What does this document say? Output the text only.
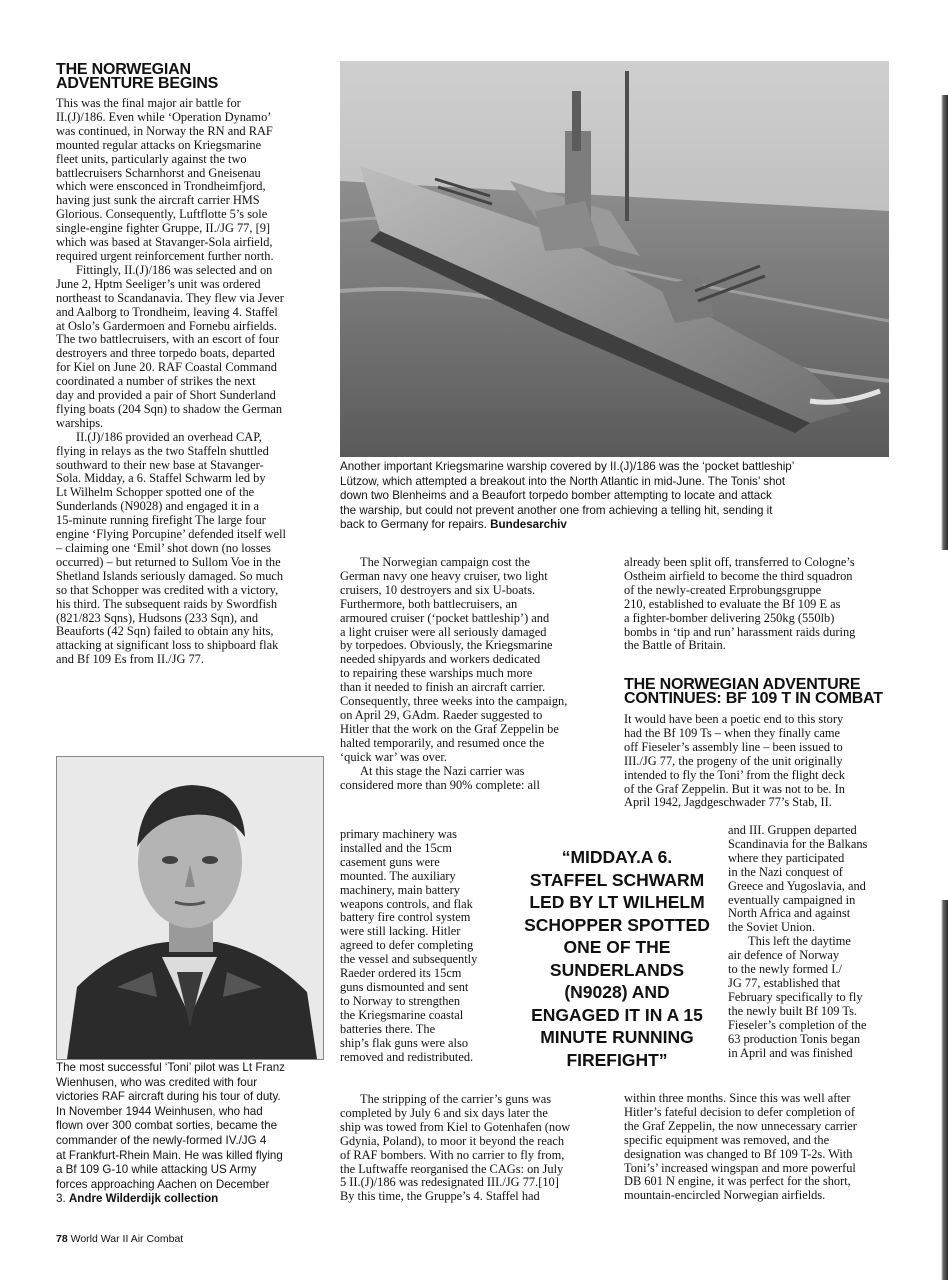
THE NORWEGIAN
ADVENTURE BEGINS

This was the final major air battle for

II.(J)/186. Even while ‘Operation Dynamo’

was continued, in Norway the RN and RAF

mounted regular attacks on Kriegsmarine

fleet units, particularly against the two

battlecruisers Scharnhorst and Gneisenau

which were ensconced in Trondheimfjord,

having just sunk the aircraft carrier HMS

Glorious. Consequently, Luftflotte 5’s sole

single-engine fighter Gruppe, II./JG 77, [9]

which was based at Stavanger-Sola airfield,

required urgent reinforcement further north.

Fittingly, II.(J)/186 was selected and on

June 2, Hptm Seeliger’s unit was ordered

northeast to Scandanavia. They flew via Jever

and Aalborg to Trondheim, leaving 4. Staffel

at Oslo’s Gardermoen and Fornebu airfields.

The two battlecruisers, with an escort of four

destroyers and three torpedo boats, departed

for Kiel on June 20. RAF Coastal Command

coordinated a number of strikes the next

day and provided a pair of Short Sunderland

flying boats (204 Sqn) to shadow the German

warships.

II.(J)/186 provided an overhead CAP,

flying in relays as the two Staffeln shuttled

southward to their new base at Stavanger-

Sola. Midday, a 6. Staffel Schwarm led by

Lt Wilhelm Schopper spotted one of the

Sunderlands (N9028) and engaged it in a

15-minute running firefight The large four

engine ‘Flying Porcupine’ defended itself well

– claiming one ‘Emil’ shot down (no losses

occurred) – but returned to Sullom Voe in the

Shetland Islands seriously damaged. So much

so that Schopper was credited with a victory,

his third. The subsequent raids by Swordfish

(821/823 Sqns), Hudsons (233 Sqn), and

Beauforts (42 Sqn) failed to obtain any hits,

attacking at significant loss to shipboard flak

and Bf 109 Es from II./JG 77.

Another important Kriegsmarine warship covered by II.(J)/186 was the ‘pocket battleship’
Lützow, which attempted a breakout into the North Atlantic in mid-June. The Tonis’ shot
down two Blenheims and a Beaufort torpedo bomber attempting to locate and attack
the warship, but could not prevent another one from achieving a telling hit, sending it
back to Germany for repairs. Bundesarchiv
The most successful ‘Toni’ pilot was Lt Franz
Wienhusen, who was credited with four
victories RAF aircraft during his tour of duty.
In November 1944 Weinhusen, who had
flown over 300 combat sorties, became the
commander of the newly-formed IV./JG 4
at Frankfurt-Rhein Main. He was killed flying
a Bf 109 G-10 while attacking US Army
forces approaching Aachen on December
3. Andre Wilderdijk collection

The Norwegian campaign cost the

German navy one heavy cruiser, two light

cruisers, 10 destroyers and six U-boats.

Furthermore, both battlecruisers, an

armoured cruiser (‘pocket battleship’) and

a light cruiser were all seriously damaged

by torpedoes. Obviously, the Kriegsmarine

needed shipyards and workers dedicated

to repairing these warships much more

than it needed to finish an aircraft carrier.

Consequently, three weeks into the campaign,

on April 29, GAdm. Raeder suggested to

Hitler that the work on the Graf Zeppelin be

halted temporarily, and resumed once the

‘quick war’ was over.

At this stage the Nazi carrier was

considered more than 90% complete: all

primary machinery was

installed and the 15cm

casement guns were

mounted. The auxiliary

machinery, main battery

weapons controls, and flak

battery fire control system

were still lacking. Hitler

agreed to defer completing

the vessel and subsequently

Raeder ordered its 15cm

guns dismounted and sent

to Norway to strengthen

the Kriegsmarine coastal

batteries there. The

ship’s flak guns were also

removed and redistributed.

The stripping of the carrier’s guns was

completed by July 6 and six days later the

ship was towed from Kiel to Gotenhafen (now

Gdynia, Poland), to moor it beyond the reach

of RAF bombers. With no carrier to fly from,

the Luftwaffe reorganised the CAGs: on July

5 II.(J)/186 was redesignated III./JG 77.[10]

By this time, the Gruppe’s 4. Staffel had

“MIDDAY.A 6.
STAFFEL SCHWARM
LED BY LT WILHELM
SCHOPPER SPOTTED
ONE OF THE
SUNDERLANDS
(N9028) AND
ENGAGED IT IN A 15
MINUTE RUNNING
FIREFIGHT”

already been split off, transferred to Cologne’s

Ostheim airfield to become the third squadron

of the newly-created Erprobungsgruppe

210, established to evaluate the Bf 109 E as

a fighter-bomber delivering 250kg (550lb)

bombs in ‘tip and run’ harassment raids during

the Battle of Britain.

THE NORWEGIAN ADVENTURE
CONTINUES: BF 109 T IN COMBAT

It would have been a poetic end to this story

had the Bf 109 Ts – when they finally came

off Fieseler’s assembly line – been issued to

III./JG 77, the progeny of the unit originally

intended to fly the Toni’ from the flight deck

of the Graf Zeppelin. But it was not to be. In

April 1942, Jagdgeschwader 77’s Stab, II.

and III. Gruppen departed

Scandinavia for the Balkans

where they participated

in the Nazi conquest of

Greece and Yugoslavia, and

eventually campaigned in

North Africa and against

the Soviet Union.

This left the daytime

air defence of Norway

to the newly formed I./

JG 77, established that

February specifically to fly

the newly built Bf 109 Ts.

Fieseler’s completion of the

63 production Tonis began

in April and was finished

within three months. Since this was well after

Hitler’s fateful decision to defer completion of

the Graf Zeppelin, the now unnecessary carrier

specific equipment was removed, and the

designation was changed to Bf 109 T-2s. With

Toni’s’ increased wingspan and more powerful

DB 601 N engine, it was perfect for the short,

mountain-encircled Norwegian airfields.

78 World War II Air Combat
